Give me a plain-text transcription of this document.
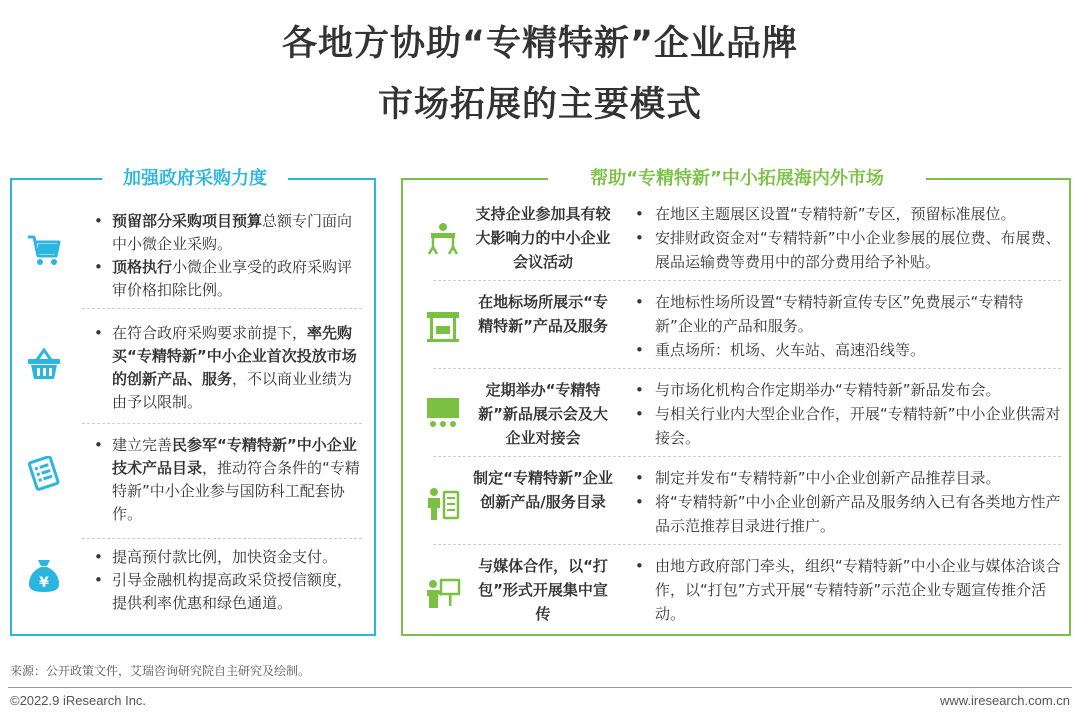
各地方协助“专精特新”企业品牌
市场拓展的主要模式
加强政府采购力度
• 预留部分采购项目预算总额专门面向中小微企业采购。
• 顶格执行小微企业享受的政府采购评审价格扣除比例。
• 在符合政府采购要求前提下，率先购买“专精特新”中小企业首次投放市场的创新产品、服务，不以商业业绩为由予以限制。
• 建立完善民参军“专精特新”中小企业技术产品目录，推动符合条件的“专精特新”中小企业参与国防科工配套协作。
¥
• 提高预付款比例，加快资金支付。
• 引导金融机构提高政采贷授信额度，提供利率优惠和绿色通道。
帮助“专精特新”中小拓展海内外市场
支持企业参加具有较大影响力的中小企业会议活动
• 在地区主题展区设置“专精特新”专区，预留标准展位。
• 安排财政资金对“专精特新”中小企业参展的展位费、布展费、展品运输费等费用中的部分费用给予补贴。
在地标场所展示“专精特新”产品及服务
• 在地标性场所设置“专精特新宣传专区”免费展示“专精特新”企业的产品和服务。
• 重点场所：机场、火车站、高速沿线等。
定期举办“专精特新”新品展示会及大企业对接会
• 与市场化机构合作定期举办“专精特新”新品发布会。
• 与相关行业内大型企业合作，开展“专精特新”中小企业供需对接会。
制定“专精特新”企业创新产品/服务目录
• 制定并发布“专精特新”中小企业创新产品推荐目录。
• 将“专精特新”中小企业创新产品及服务纳入已有各类地方性产品示范推荐目录进行推广。
与媒体合作，以“打包”形式开展集中宣传
• 由地方政府部门牵头，组织“专精特新”中小企业与媒体洽谈合作，以“打包”方式开展“专精特新”示范企业专题宣传推介活动。
来源：公开政策文件，艾瑞咨询研究院自主研究及绘制。
©2022.9 iResearch Inc.	www.iresearch.com.cn
